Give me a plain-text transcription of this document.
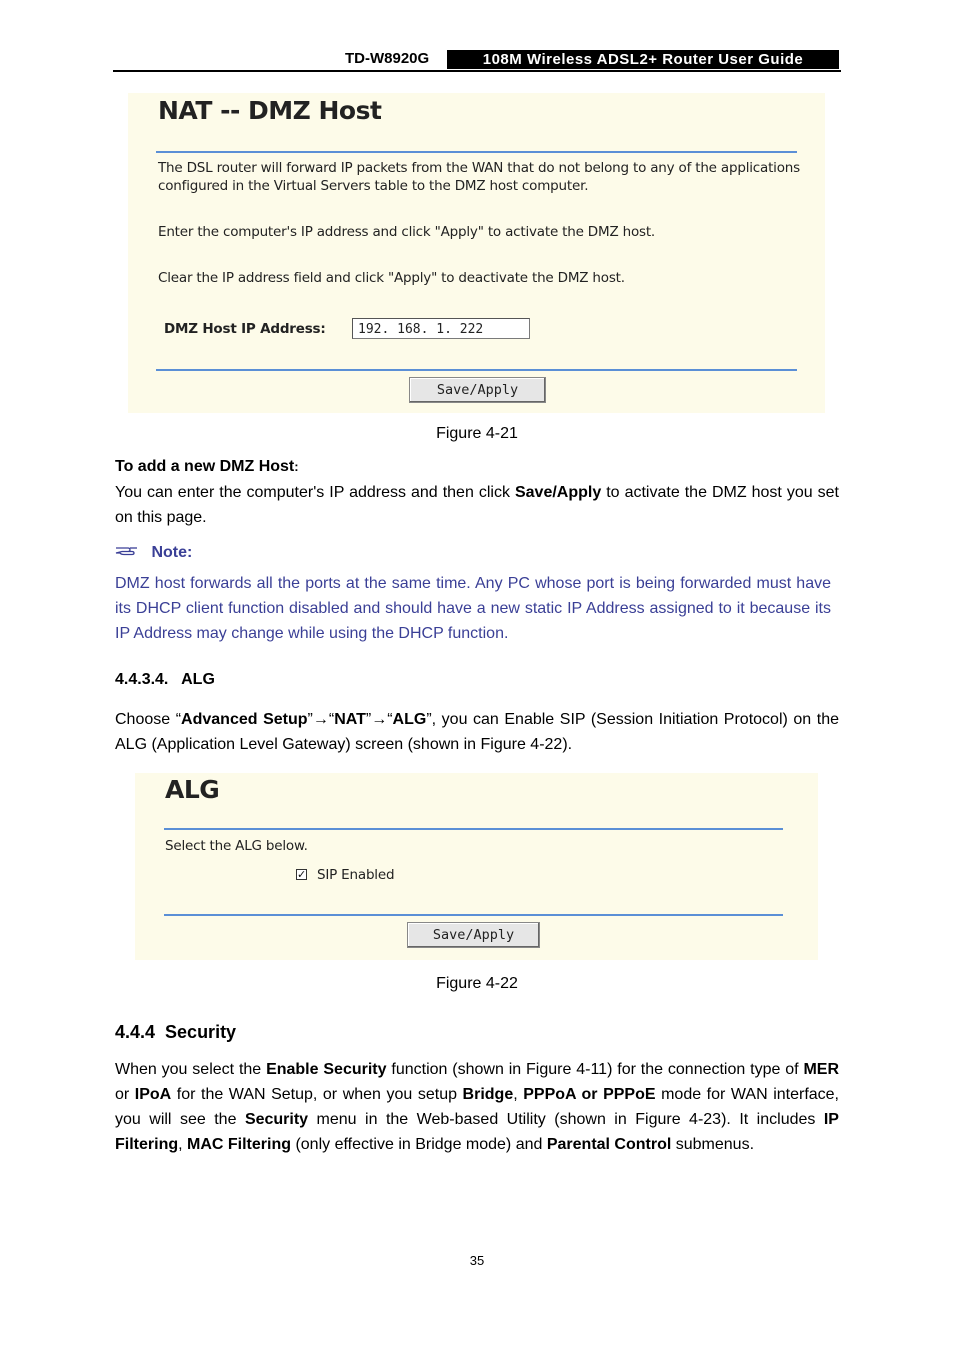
TD-W8920G	108M Wireless ADSL2+ Router User Guide
NAT -- DMZ Host
The DSL router will forward IP packets from the WAN that do not belong to any of the applications
configured in the Virtual Servers table to the DMZ host computer.
Enter the computer's IP address and click "Apply" to activate the DMZ host.
Clear the IP address field and click "Apply" to deactivate the DMZ host.
DMZ Host IP Address:	192. 168. 1. 222
Save/Apply
Figure 4-21
To add a new DMZ Host:
You can enter the computer's IP address and then click Save/Apply to activate the DMZ host you set on this page.
Note:
DMZ host forwards all the ports at the same time. Any PC whose port is being forwarded must have its DHCP client function disabled and should have a new static IP Address assigned to it because its IP Address may change while using the DHCP function.
4.4.3.4.   ALG
Choose “Advanced Setup”→“NAT”→“ALG”, you can Enable SIP (Session Initiation Protocol) on the ALG (Application Level Gateway) screen (shown in Figure 4-22).
ALG
Select the ALG below.
✓ SIP Enabled
Save/Apply
Figure 4-22
4.4.4  Security
When you select the Enable Security function (shown in Figure 4-11) for the connection type of MER or IPoA for the WAN Setup, or when you setup Bridge, PPPoA or PPPoE mode for WAN interface, you will see the Security menu in the Web-based Utility (shown in Figure 4-23). It includes IP Filtering, MAC Filtering (only effective in Bridge mode) and Parental Control submenus.
35
